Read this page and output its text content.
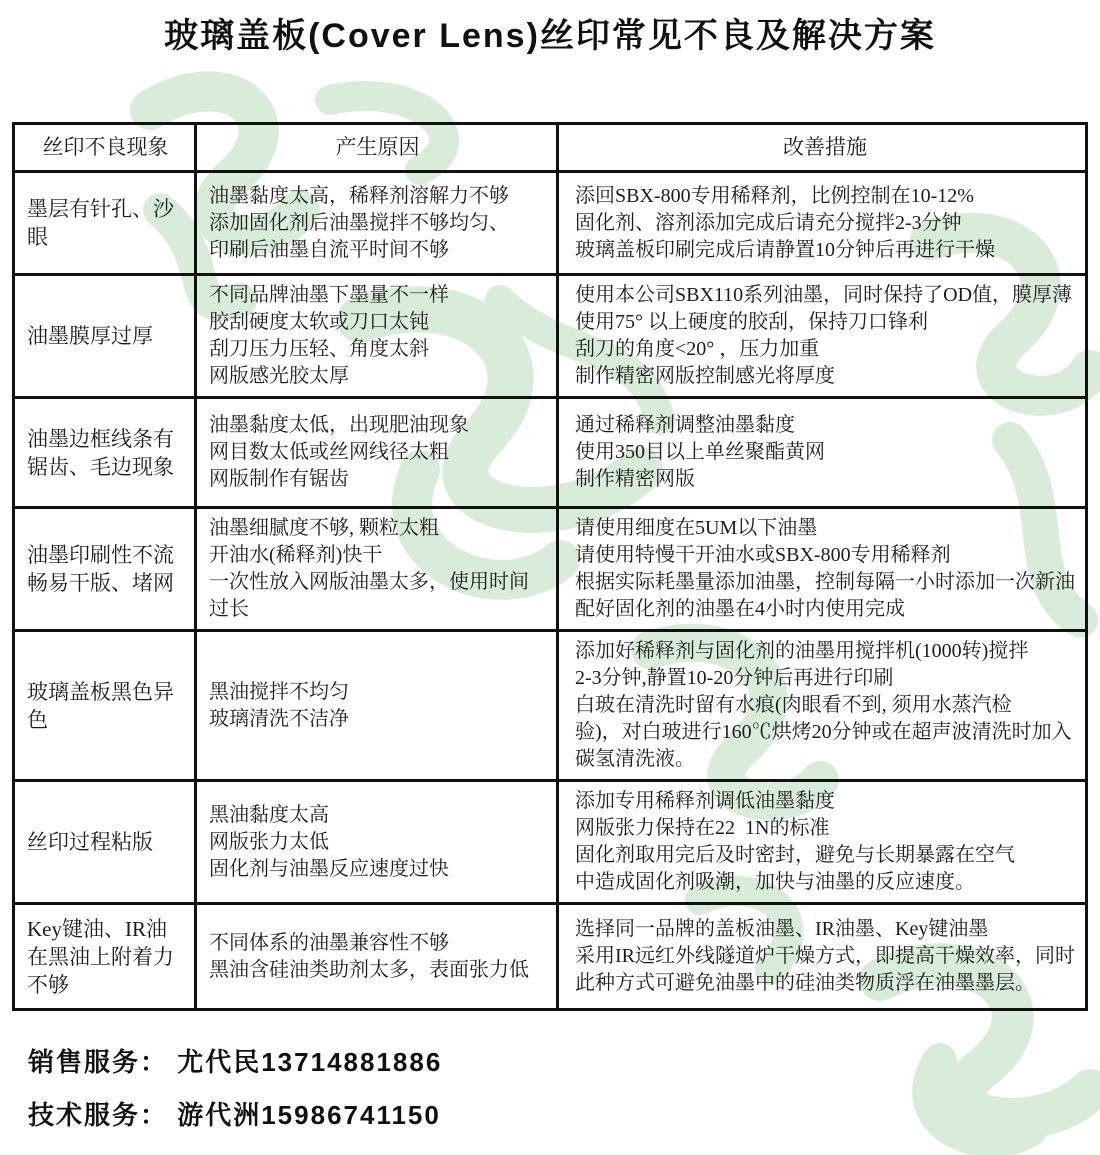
玻璃盖板(Cover Lens)丝印常见不良及解决方案
丝印不良现象	产生原因	改善措施
墨层有针孔、沙眼
油墨黏度太高，稀释剂溶解力不够
添加固化剂后油墨搅拌不够均匀、
印刷后油墨自流平时间不够
添回SBX-800专用稀释剂，比例控制在10-12%
固化剂、溶剂添加完成后请充分搅拌2-3分钟
玻璃盖板印刷完成后请静置10分钟后再进行干燥
油墨膜厚过厚
不同品牌油墨下墨量不一样
胶刮硬度太软或刀口太钝
刮刀压力压轻、角度太斜
网版感光胶太厚
使用本公司SBX110系列油墨，同时保持了OD值，膜厚薄
使用75° 以上硬度的胶刮，保持刀口锋利
刮刀的角度<20° ，压力加重
制作精密网版控制感光将厚度
油墨边框线条有锯齿、毛边现象
油墨黏度太低，出现肥油现象
网目数太低或丝网线径太粗
网版制作有锯齿
通过稀释剂调整油墨黏度
使用350目以上单丝聚酯黄网
制作精密网版
油墨印刷性不流畅易干版、堵网
油墨细腻度不够, 颗粒太粗
开油水(稀释剂)快干
一次性放入网版油墨太多，使用时间过长
请使用细度在5UM以下油墨
请使用特慢干开油水或SBX-800专用稀释剂
根据实际耗墨量添加油墨，控制每隔一小时添加一次新油
配好固化剂的油墨在4小时内使用完成
玻璃盖板黑色异色
黑油搅拌不均匀
玻璃清洗不洁净
添加好稀释剂与固化剂的油墨用搅拌机(1000转)搅拌
2-3分钟,静置10-20分钟后再进行印刷
白玻在清洗时留有水痕(肉眼看不到, 须用水蒸汽检
验)，对白玻进行160℃烘烤20分钟或在超声波清洗时加入
碳氢清洗液。
丝印过程粘版
黑油黏度太高
网版张力太低
固化剂与油墨反应速度过快
添加专用稀释剂调低油墨黏度
网版张力保持在22  1N的标准
固化剂取用完后及时密封，避免与长期暴露在空气
中造成固化剂吸潮，加快与油墨的反应速度。
Key键油、IR油在黑油上附着力不够
不同体系的油墨兼容性不够
黑油含硅油类助剂太多，表面张力低
选择同一品牌的盖板油墨、IR油墨、Key键油墨
采用IR远红外线隧道炉干燥方式，即提高干燥效率，同时
此种方式可避免油墨中的硅油类物质浮在油墨墨层。
销售服务： 尤代民13714881886
技术服务： 游代洲15986741150
